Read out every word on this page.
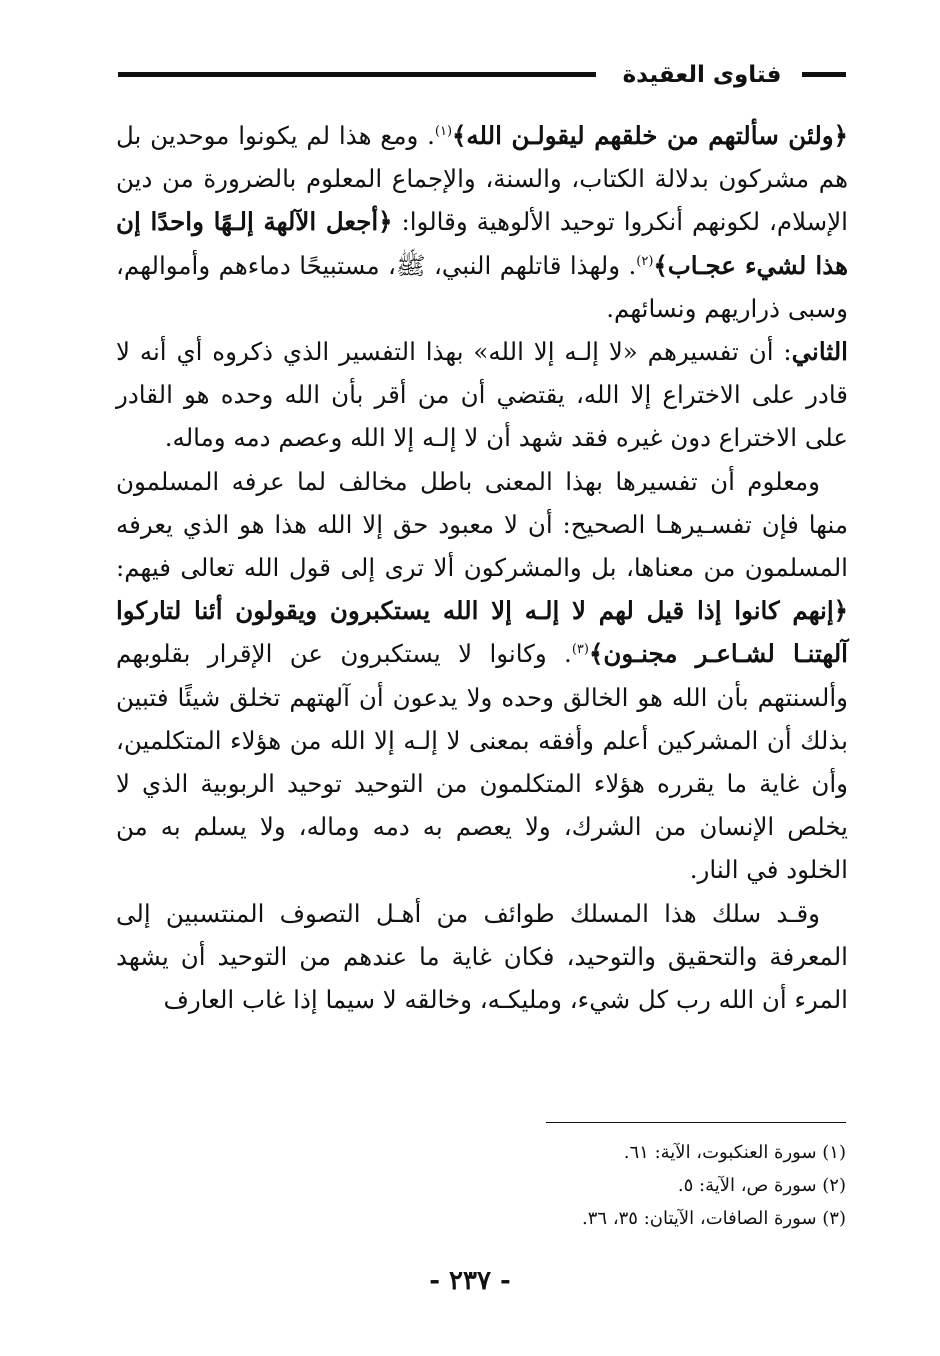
فتاوى العقيدة

﴿ولئن سألتهم من خلقهم ليقولـن الله﴾$^{(١)}$. ومع هذا لم يكونوا موحدين بل هم مشركون بدلالة الكتاب، والسنة، والإجماع المعلوم بالضرورة من دين الإسلام، لكونهم أنكروا توحيد الألوهية وقالوا: ﴿أجعل الآلهة إلـهًا واحدًا إن هذا لشيء عجـاب﴾$^{(٢)}$. ولهذا قاتلهم النبي، ﷺ، مستبيحًا دماءهم وأموالهم، وسبى ذراريهم ونسائهم.

الثاني: أن تفسيرهم «لا إلـه إلا الله» بهذا التفسير الذي ذكروه أي أنه لا قادر على الاختراع إلا الله، يقتضي أن من أقر بأن الله وحده هو القادر على الاختراع دون غيره فقد شهد أن لا إلـه إلا الله وعصم دمه وماله.

ومعلوم أن تفسيرها بهذا المعنى باطل مخالف لما عرفه المسلمون منها فإن تفسـيرهـا الصحيح: أن لا معبود حق إلا الله هذا هو الذي يعرفه المسلمون من معناها، بل والمشركون ألا ترى إلى قول الله تعالى فيهم: ﴿إنهم كانوا إذا قيل لهم لا إلـه إلا الله يستكبرون ويقولون أئنا لتاركوا آلهتنـا لشـاعـر مجنـون﴾$^{(٣)}$. وكانوا لا يستكبرون عن الإقرار بقلوبهم وألسنتهم بأن الله هو الخالق وحده ولا يدعون أن آلهتهم تخلق شيئًا فتبين بذلك أن المشركين أعلم وأفقه بمعنى لا إلـه إلا الله من هؤلاء المتكلمين، وأن غاية ما يقرره هؤلاء المتكلمون من التوحيد توحيد الربوبية الذي لا يخلص الإنسان من الشرك، ولا يعصم به دمه وماله، ولا يسلم به من الخلود في النار.

وقـد سلك هذا المسلك طوائف من أهـل التصوف المنتسبين إلى المعرفة والتحقيق والتوحيد، فكان غاية ما عندهم من التوحيد أن يشهد المرء أن الله رب كل شيء، ومليكـه، وخالقه لا سيما إذا غاب العارف

(١) سورة العنكبوت، الآية: ٦١.
(٢) سورة ص، الآية: ٥.
(٣) سورة الصافات، الآيتان: ٣٥، ٣٦.
- ٢٣٧ -
